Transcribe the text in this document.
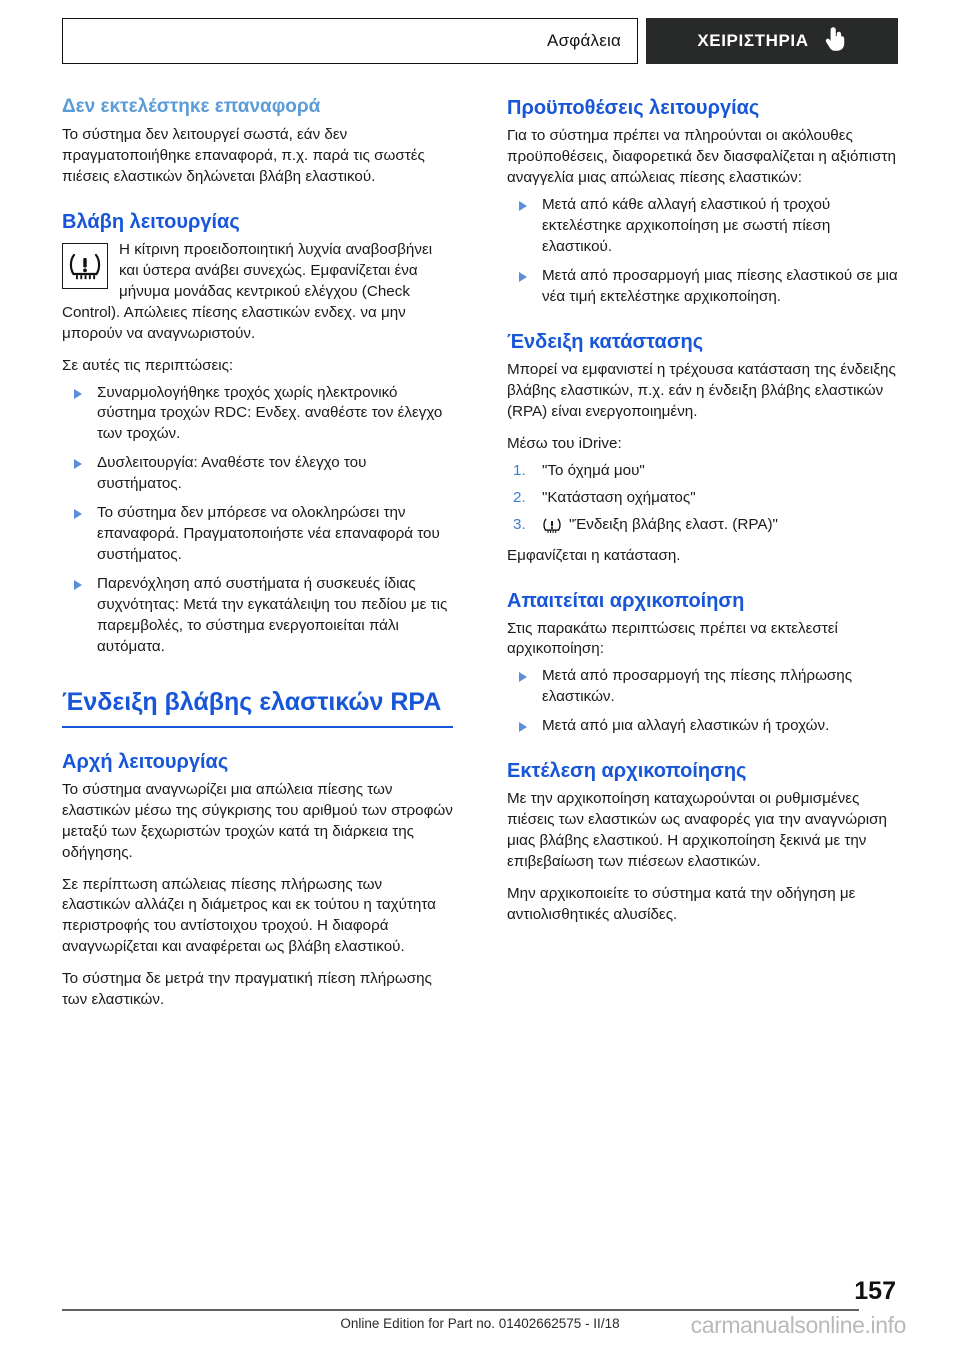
Ασφάλεια	ΧΕΙΡΙΣΤΗΡΙΑ
Δεν εκτελέστηκε επαναφορά

Το σύστημα δεν λειτουργεί σωστά, εάν δεν πραγματοποιήθηκε επαναφορά, π.χ. παρά τις σωστές πιέσεις ελαστικών δηλώνεται βλάβη ελαστικού.

Βλάβη λειτουργίας

Η κίτρινη προειδοποιητική λυχνία αναβοσβήνει και ύστερα ανάβει συνεχώς. Εμφανίζεται ένα μήνυμα μονάδας κεντρικού ελέγχου (Check Control). Απώλειες πίεσης ελαστικών ενδεχ. να μην μπορούν να αναγνωριστούν.

Σε αυτές τις περιπτώσεις:

Συναρμολογήθηκε τροχός χωρίς ηλεκτρονικό σύστημα τροχών RDC: Ενδεχ. αναθέστε τον έλεγχο των τροχών.
Δυσλειτουργία: Αναθέστε τον έλεγχο του συστήματος.
Το σύστημα δεν μπόρεσε να ολοκληρώσει την επαναφορά. Πραγματοποιήστε νέα επαναφορά του συστήματος.
Παρενόχληση από συστήματα ή συσκευές ίδιας συχνότητας: Μετά την εγκατάλειψη του πεδίου με τις παρεμβολές, το σύστημα ενεργοποιείται πάλι αυτόματα.
Ένδειξη βλάβης ελαστικών RPA
Αρχή λειτουργίας

Το σύστημα αναγνωρίζει μια απώλεια πίεσης των ελαστικών μέσω της σύγκρισης του αριθμού των στροφών μεταξύ των ξεχωριστών τροχών κατά τη διάρκεια της οδήγησης.

Σε περίπτωση απώλειας πίεσης πλήρωσης των ελαστικών αλλάζει η διάμετρος και εκ τούτου η ταχύτητα περιστροφής του αντίστοιχου τροχού. Η διαφορά αναγνωρίζεται και αναφέρεται ως βλάβη ελαστικού.

Το σύστημα δε μετρά την πραγματική πίεση πλήρωσης των ελαστικών.

Προϋποθέσεις λειτουργίας

Για το σύστημα πρέπει να πληρούνται οι ακόλουθες προϋποθέσεις, διαφορετικά δεν διασφαλίζεται η αξιόπιστη αναγγελία μιας απώλειας πίεσης ελαστικών:

Μετά από κάθε αλλαγή ελαστικού ή τροχού εκτελέστηκε αρχικοποίηση με σωστή πίεση ελαστικού.
Μετά από προσαρμογή μιας πίεσης ελαστικού σε μια νέα τιμή εκτελέστηκε αρχικοποίηση.
Ένδειξη κατάστασης

Μπορεί να εμφανιστεί η τρέχουσα κατάσταση της ένδειξης βλάβης ελαστικών, π.χ. εάν η ένδειξη βλάβης ελαστικών (RPA) είναι ενεργοποιημένη.

Μέσω του iDrive:

1. "Το όχημά μου"
2. "Κατάσταση οχήματος"
3.	"Ένδειξη βλάβης ελαστ. (RPA)"

Εμφανίζεται η κατάσταση.

Απαιτείται αρχικοποίηση

Στις παρακάτω περιπτώσεις πρέπει να εκτελεστεί αρχικοποίηση:

Μετά από προσαρμογή της πίεσης πλήρωσης ελαστικών.
Μετά από μια αλλαγή ελαστικών ή τροχών.
Εκτέλεση αρχικοποίησης

Με την αρχικοποίηση καταχωρούνται οι ρυθμισμένες πιέσεις των ελαστικών ως αναφορές για την αναγνώριση μιας βλάβης ελαστικού. Η αρχικοποίηση ξεκινά με την επιβεβαίωση των πιέσεων ελαστικών.

Μην αρχικοποιείτε το σύστημα κατά την οδήγηση με αντιολισθητικές αλυσίδες.

157
Online Edition for Part no. 01402662575 - II/18	carmanualsonline.info
